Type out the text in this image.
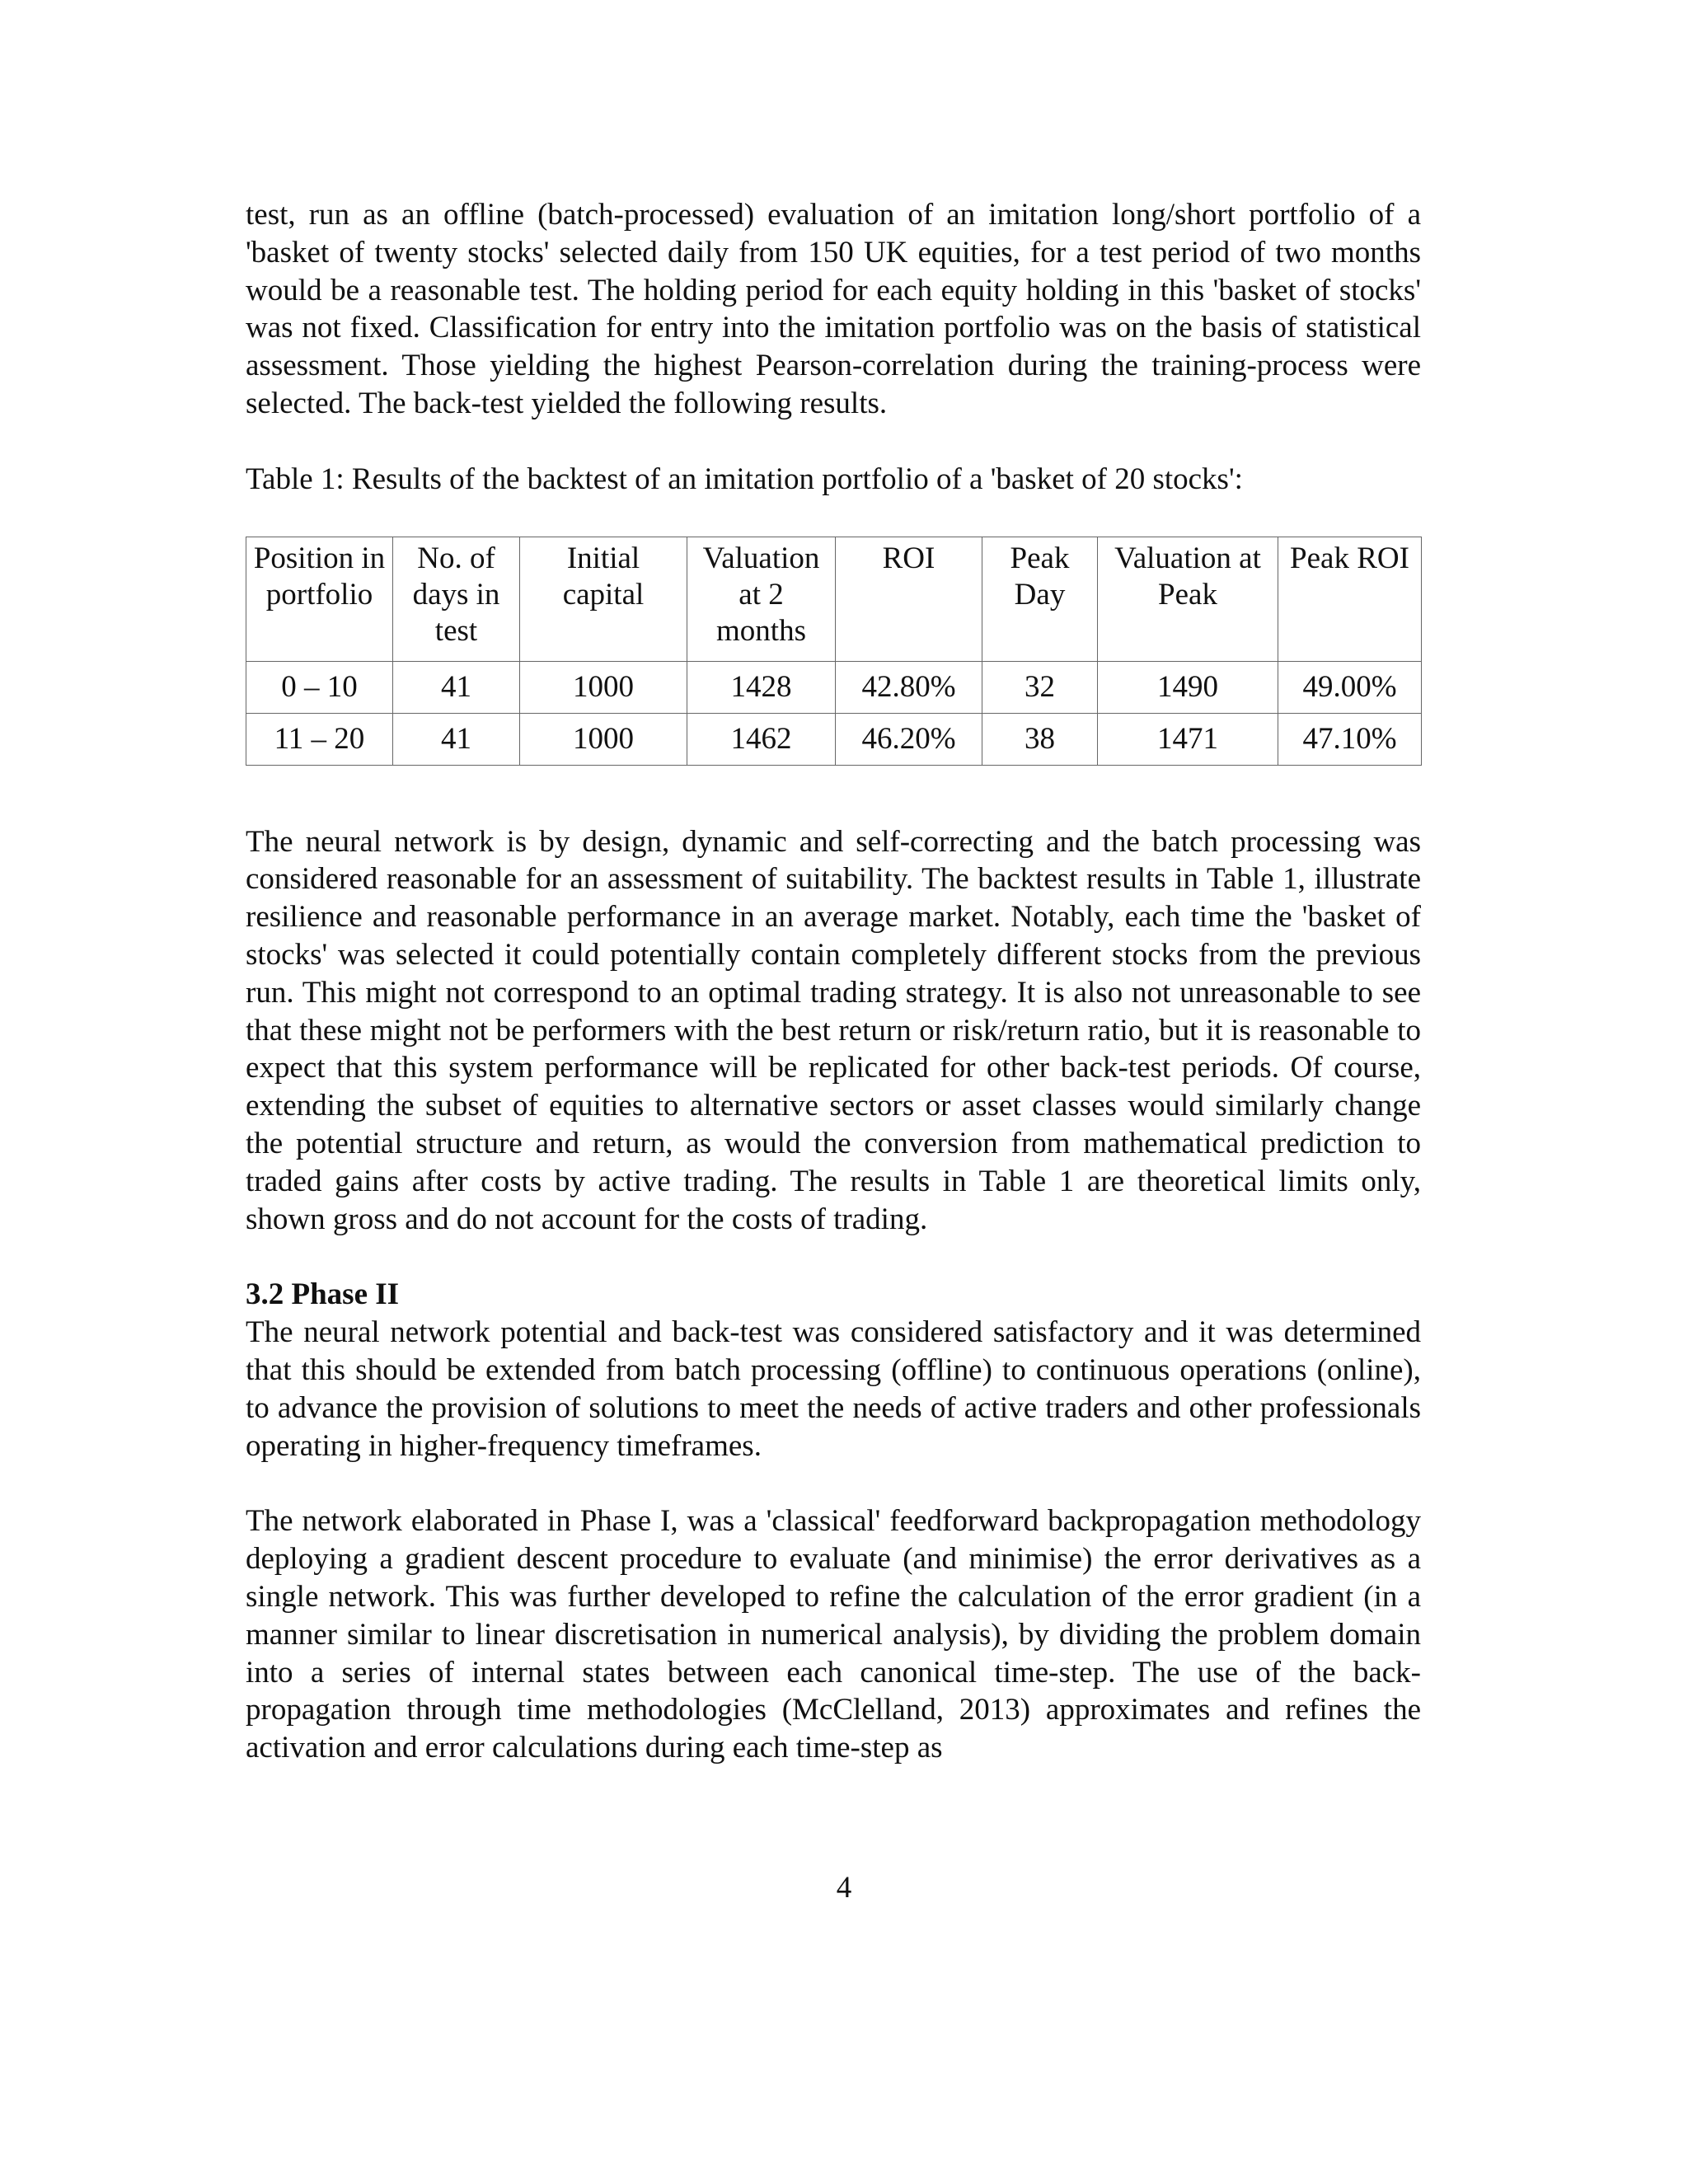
test, run as an offline (batch-processed) evaluation of an imitation long/short portfolio of a 'basket of twenty stocks' selected daily from 150 UK equities, for a test period of two months would be a reasonable test. The holding period for each equity holding in this 'basket of stocks' was not fixed. Classification for entry into the imitation portfolio was on the basis of statistical assessment. Those yielding the highest Pearson-correlation during the training-process were selected. The back-test yielded the following results.

Table 1: Results of the backtest of an imitation portfolio of a 'basket of 20 stocks':

Position in portfolio	No. of days in test	Initial capital	Valuation at 2 months	ROI	Peak Day	Valuation at Peak	Peak ROI
0 – 10	41	1000	1428	42.80%	32	1490	49.00%
11 – 20	41	1000	1462	46.20%	38	1471	47.10%

The neural network is by design, dynamic and self-correcting and the batch processing was considered reasonable for an assessment of suitability. The backtest results in Table 1, illustrate resilience and reasonable performance in an average market. Notably, each time the 'basket of stocks' was selected it could potentially contain completely different stocks from the previous run. This might not correspond to an optimal trading strategy. It is also not unreasonable to see that these might not be performers with the best return or risk/return ratio, but it is reasonable to expect that this system performance will be replicated for other back-test periods. Of course, extending the subset of equities to alternative sectors or asset classes would similarly change the potential structure and return, as would the conversion from mathematical prediction to traded gains after costs by active trading. The results in Table 1 are theoretical limits only, shown gross and do not account for the costs of trading.

3.2 Phase II

The neural network potential and back-test was considered satisfactory and it was determined that this should be extended from batch processing (offline) to continuous operations (online), to advance the provision of solutions to meet the needs of active traders and other professionals operating in higher-frequency timeframes.

The network elaborated in Phase I, was a 'classical' feedforward backpropagation methodology deploying a gradient descent procedure to evaluate (and minimise) the error derivatives as a single network. This was further developed to refine the calculation of the error gradient (in a manner similar to linear discretisation in numerical analysis), by dividing the problem domain into a series of internal states between each canonical time-step. The use of the back-propagation through time methodologies (McClelland, 2013) approximates and refines the activation and error calculations during each time-step as

4
